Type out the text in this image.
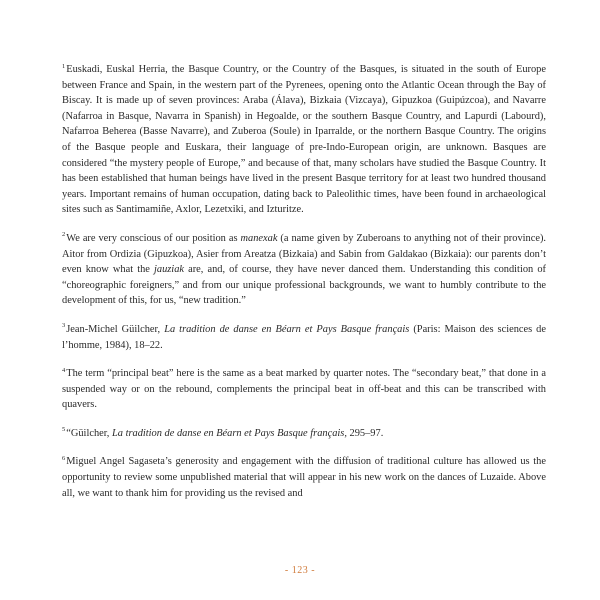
$^1$Euskadi, Euskal Herria, the Basque Country, or the Country of the Basques, is situated in the south of Europe between France and Spain, in the western part of the Pyrenees, opening onto the Atlantic Ocean through the Bay of Biscay. It is made up of seven provinces: Araba (Álava), Bizkaia (Vizcaya), Gipuzkoa (Guipúzcoa), and Navarre (Nafarroa in Basque, Navarra in Spanish) in Hegoalde, or the southern Basque Country, and Lapurdi (Labourd), Nafarroa Beherea (Basse Navarre), and Zuberoa (Soule) in Iparralde, or the northern Basque Country. The origins of the Basque people and Euskara, their language of pre-Indo-European origin, are unknown. Basques are considered “the mystery people of Europe,” and because of that, many scholars have studied the Basque Country. It has been established that human beings have lived in the present Basque territory for at least two hundred thousand years. Important remains of human occupation, dating back to Paleolithic times, have been found in archaeological sites such as Santimamiñe, Axlor, Lezetxiki, and Izturitze.

$^2$We are very conscious of our position as manexak (a name given by Zuberoans to anything not of their province). Aitor from Ordizia (Gipuzkoa), Asier from Areatza (Bizkaia) and Sabin from Galdakao (Bizkaia): our parents don’t even know what the jauziak are, and, of course, they have never danced them. Understanding this condition of “choreographic foreigners,” and from our unique professional backgrounds, we want to humbly contribute to the development of this, for us, “new tradition.”

$^3$Jean-Michel Güilcher, La tradition de danse en Béarn et Pays Basque français (Paris: Maison des sciences de l’homme, 1984), 18–22.

$^4$The term “principal beat” here is the same as a beat marked by quarter notes. The “secondary beat,” that done in a suspended way or on the rebound, complements the principal beat in off-beat and this can be transcribed with quavers.

$^5$“Güilcher, La tradition de danse en Béarn et Pays Basque français, 295–97.

$^6$Miguel Angel Sagaseta’s generosity and engagement with the diffusion of traditional culture has allowed us the opportunity to review some unpublished material that will appear in his new work on the dances of Luzaide. Above all, we want to thank him for providing us the revised and

- 123 -
